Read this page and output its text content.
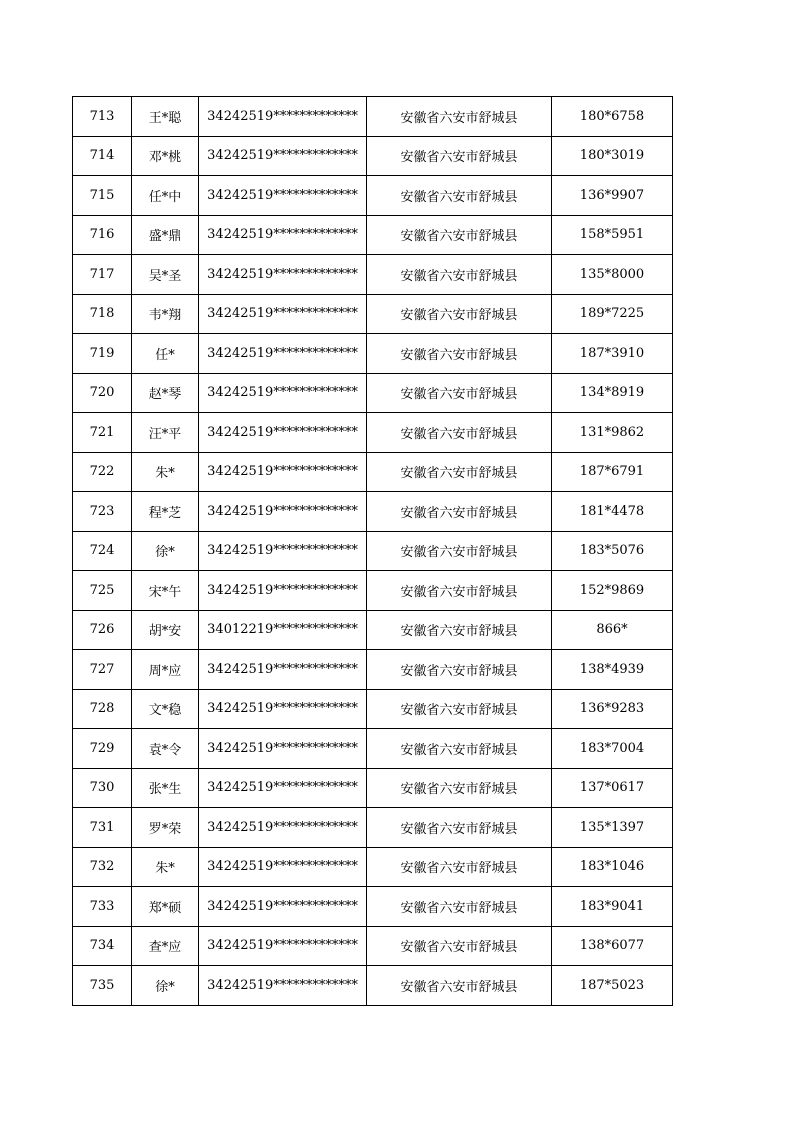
713	王*聪	34242519*************	安徽省六安市舒城县	180*6758
714	邓*桃	34242519*************	安徽省六安市舒城县	180*3019
715	任*中	34242519*************	安徽省六安市舒城县	136*9907
716	盛*鼎	34242519*************	安徽省六安市舒城县	158*5951
717	吴*圣	34242519*************	安徽省六安市舒城县	135*8000
718	韦*翔	34242519*************	安徽省六安市舒城县	189*7225
719	任*	34242519*************	安徽省六安市舒城县	187*3910
720	赵*琴	34242519*************	安徽省六安市舒城县	134*8919
721	汪*平	34242519*************	安徽省六安市舒城县	131*9862
722	朱*	34242519*************	安徽省六安市舒城县	187*6791
723	程*芝	34242519*************	安徽省六安市舒城县	181*4478
724	徐*	34242519*************	安徽省六安市舒城县	183*5076
725	宋*午	34242519*************	安徽省六安市舒城县	152*9869
726	胡*安	34012219*************	安徽省六安市舒城县	866*
727	周*应	34242519*************	安徽省六安市舒城县	138*4939
728	文*稳	34242519*************	安徽省六安市舒城县	136*9283
729	袁*令	34242519*************	安徽省六安市舒城县	183*7004
730	张*生	34242519*************	安徽省六安市舒城县	137*0617
731	罗*荣	34242519*************	安徽省六安市舒城县	135*1397
732	朱*	34242519*************	安徽省六安市舒城县	183*1046
733	郑*硕	34242519*************	安徽省六安市舒城县	183*9041
734	查*应	34242519*************	安徽省六安市舒城县	138*6077
735	徐*	34242519*************	安徽省六安市舒城县	187*5023
